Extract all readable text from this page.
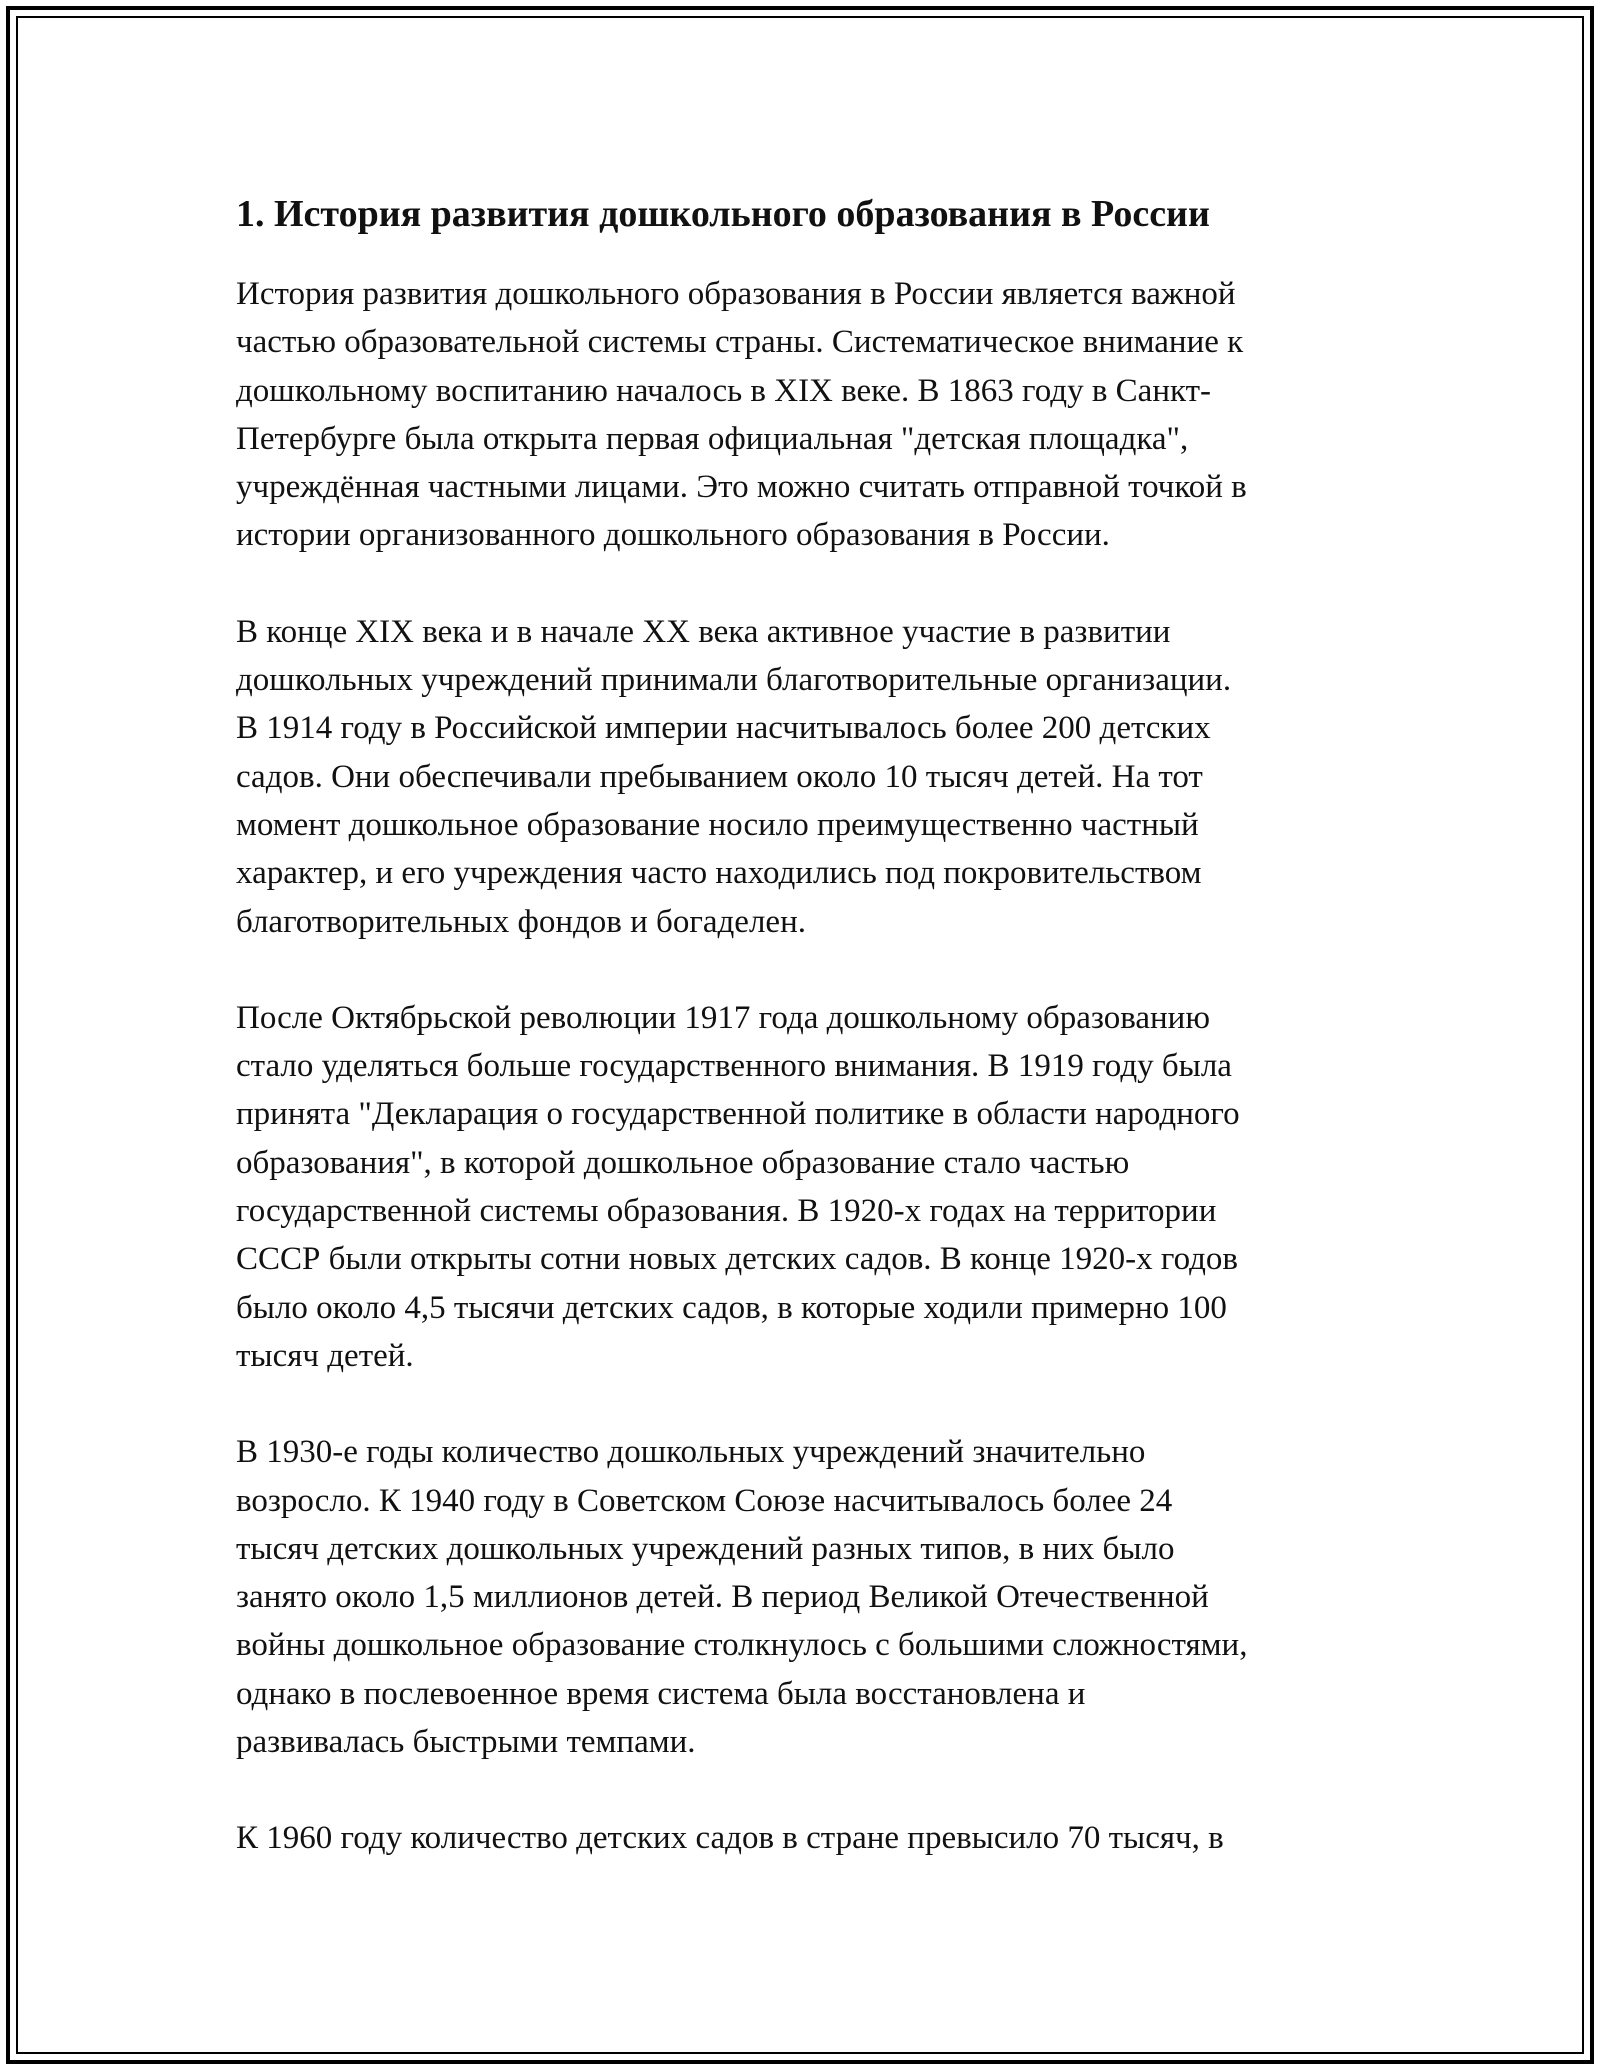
1. История развития дошкольного образования в России

История развития дошкольного образования в России является важной
частью образовательной системы страны. Систематическое внимание к
дошкольному воспитанию началось в XIX веке. В 1863 году в Санкт-
Петербурге была открыта первая официальная "детская площадка",
учреждённая частными лицами. Это можно считать отправной точкой в
истории организованного дошкольного образования в России.

В конце XIX века и в начале XX века активное участие в развитии
дошкольных учреждений принимали благотворительные организации.
В 1914 году в Российской империи насчитывалось более 200 детских
садов. Они обеспечивали пребыванием около 10 тысяч детей. На тот
момент дошкольное образование носило преимущественно частный
характер, и его учреждения часто находились под покровительством
благотворительных фондов и богаделен.

После Октябрьской революции 1917 года дошкольному образованию
стало уделяться больше государственного внимания. В 1919 году была
принята "Декларация о государственной политике в области народного
образования", в которой дошкольное образование стало частью
государственной системы образования. В 1920-х годах на территории
СССР были открыты сотни новых детских садов. В конце 1920-х годов
было около 4,5 тысячи детских садов, в которые ходили примерно 100
тысяч детей.

В 1930-е годы количество дошкольных учреждений значительно
возросло. К 1940 году в Советском Союзе насчитывалось более 24
тысяч детских дошкольных учреждений разных типов, в них было
занято около 1,5 миллионов детей. В период Великой Отечественной
войны дошкольное образование столкнулось с большими сложностями,
однако в послевоенное время система была восстановлена и
развивалась быстрыми темпами.

К 1960 году количество детских садов в стране превысило 70 тысяч, в
